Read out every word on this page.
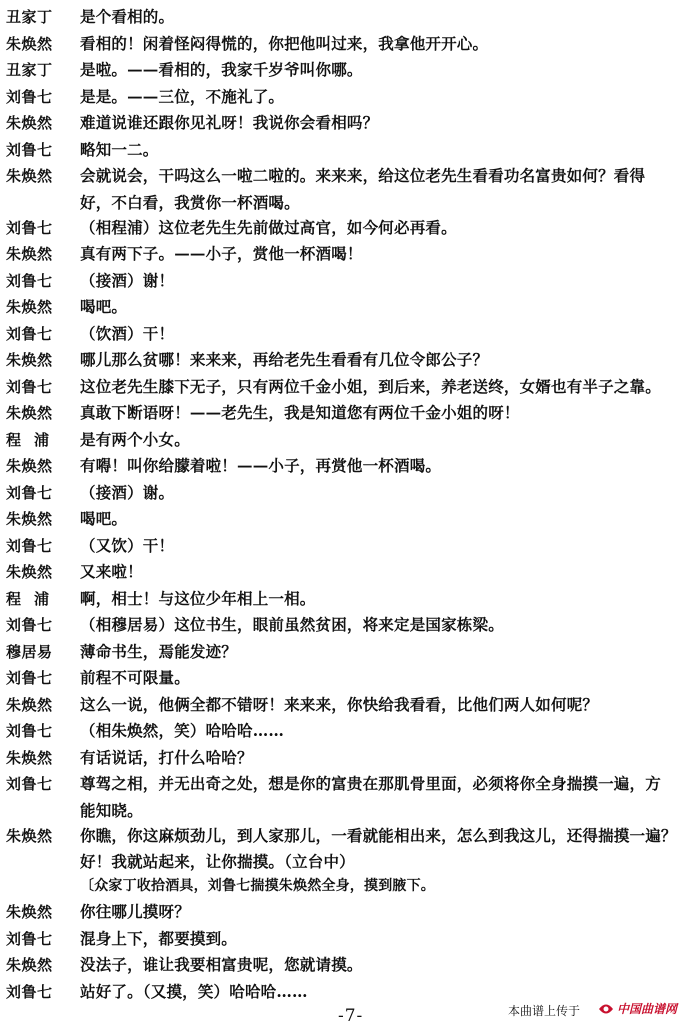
丑家丁	是个看相的。
朱焕然	看相的！闲着怪闷得慌的，你把他叫过来，我拿他开开心。
丑家丁	是啦。——看相的，我家千岁爷叫你哪。
刘鲁七	是是。——三位，不施礼了。
朱焕然	难道说谁还跟你见礼呀！我说你会看相吗？
刘鲁七	略知一二。
朱焕然	会就说会，干吗这么一啦二啦的。来来来，给这位老先生看看功名富贵如何？看得
好，不白看，我赏你一杯酒喝。
刘鲁七	（相程浦）这位老先生先前做过高官，如今何必再看。
朱焕然	真有两下子。——小子，赏他一杯酒喝！
刘鲁七	（接酒）谢！
朱焕然	喝吧。
刘鲁七	（饮酒）干！
朱焕然	哪儿那么贫哪！来来来，再给老先生看看有几位令郎公子？
刘鲁七	这位老先生膝下无子，只有两位千金小姐，到后来，养老送终，女婿也有半子之靠。
朱焕然	真敢下断语呀！——老先生，我是知道您有两位千金小姐的呀！
程浦	是有两个小女。
朱焕然	有嘚！叫你给朦着啦！——小子，再赏他一杯酒喝。
刘鲁七	（接酒）谢。
朱焕然	喝吧。
刘鲁七	（又饮）干！
朱焕然	又来啦！
程浦	啊，相士！与这位少年相上一相。
刘鲁七	（相穆居易）这位书生，眼前虽然贫困，将来定是国家栋梁。
穆居易	薄命书生，焉能发迹？
刘鲁七	前程不可限量。
朱焕然	这么一说，他俩全都不错呀！来来来，你快给我看看，比他们两人如何呢？
刘鲁七	（相朱焕然，笑）哈哈哈……
朱焕然	有话说话，打什么哈哈？
刘鲁七	尊驾之相，并无出奇之处，想是你的富贵在那肌骨里面，必须将你全身揣摸一遍，方
能知晓。
朱焕然	你瞧，你这麻烦劲儿，到人家那儿，一看就能相出来，怎么到我这儿，还得揣摸一遍？
好！我就站起来，让你揣摸。（立台中）
〔众家丁收拾酒具，刘鲁七揣摸朱焕然全身，摸到腋下。
朱焕然	你往哪儿摸呀？
刘鲁七	混身上下，都要摸到。
朱焕然	没法子，谁让我要相富贵呢，您就请摸。
刘鲁七	站好了。（又摸，笑）哈哈哈……
-7-	本曲谱上传于	中国曲谱网
